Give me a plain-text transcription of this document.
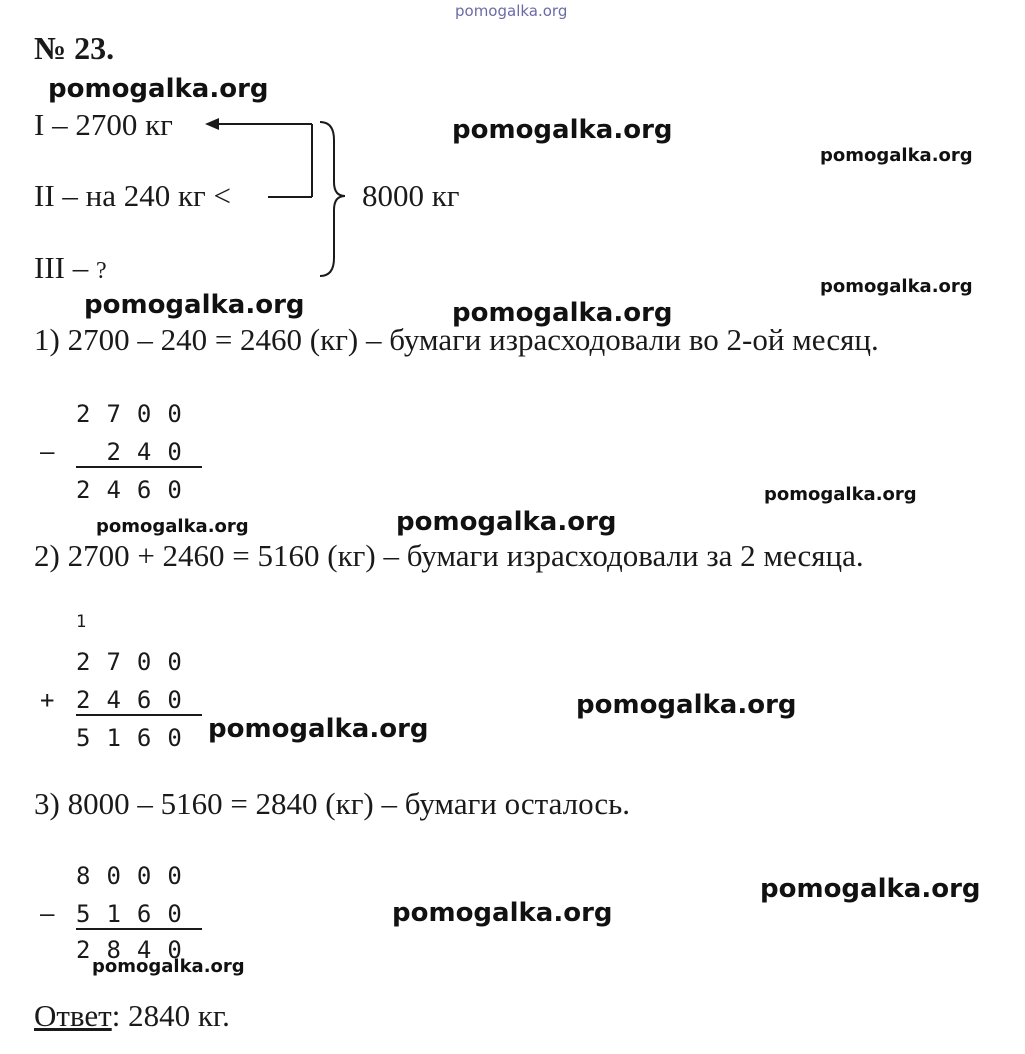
pomogalka.org
№ 23.
I – 2700 кг
II – на 240 кг <
III – ?
8000 кг
1) 2700 – 240 = 2460 (кг) – бумаги израсходовали во 2-ой месяц.
2700
– 240
2460
2) 2700 + 2460 = 5160 (кг) – бумаги израсходовали за 2 месяца.
1
2700
+ 2460
5160
3) 8000 – 5160 = 2840 (кг) – бумаги осталось.
8000
– 5160
2840
Ответ: 2840 кг.
pomogalka.org
pomogalka.org
pomogalka.org
pomogalka.org
pomogalka.org	pomogalka.org
pomogalka.org
pomogalka.org	pomogalka.org
pomogalka.org
pomogalka.org
pomogalka.org
pomogalka.org
pomogalka.org
